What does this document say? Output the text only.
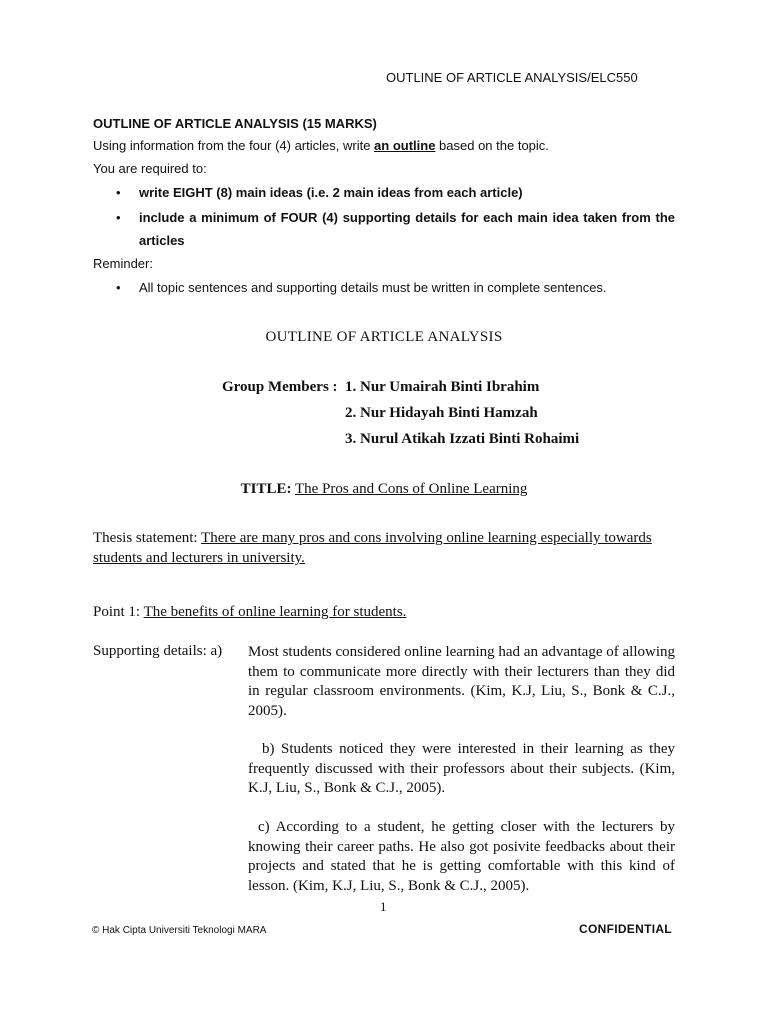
OUTLINE OF ARTICLE ANALYSIS/ELC550
OUTLINE OF ARTICLE ANALYSIS (15 MARKS)
Using information from the four (4) articles, write an outline based on the topic.
You are required to:
• write EIGHT (8) main ideas (i.e. 2 main ideas from each article)
• include a minimum of FOUR (4) supporting details for each main idea taken from the articles
Reminder:
• All topic sentences and supporting details must be written in complete sentences.
OUTLINE OF ARTICLE ANALYSIS
Group Members : 1. Nur Umairah Binti Ibrahim
2. Nur Hidayah Binti Hamzah
3. Nurul Atikah Izzati Binti Rohaimi
TITLE: The Pros and Cons of Online Learning
Thesis statement: There are many pros and cons involving online learning especially towards
students and lecturers in university.
Point 1: The benefits of online learning for students.
Supporting details: a) Most students considered online learning had an advantage of allowing them to communicate more directly with their lecturers than they did in regular classroom environments. (Kim, K.J, Liu, S., Bonk & C.J., 2005).
b) Students noticed they were interested in their learning as they frequently discussed with their professors about their subjects. (Kim, K.J, Liu, S., Bonk & C.J., 2005).
c) According to a student, he getting closer with the lecturers by knowing their career paths. He also got posivite feedbacks about their projects and stated that he is getting comfortable with this kind of lesson. (Kim, K.J, Liu, S., Bonk & C.J., 2005).
1
© Hak Cipta Universiti Teknologi MARA	CONFIDENTIAL
